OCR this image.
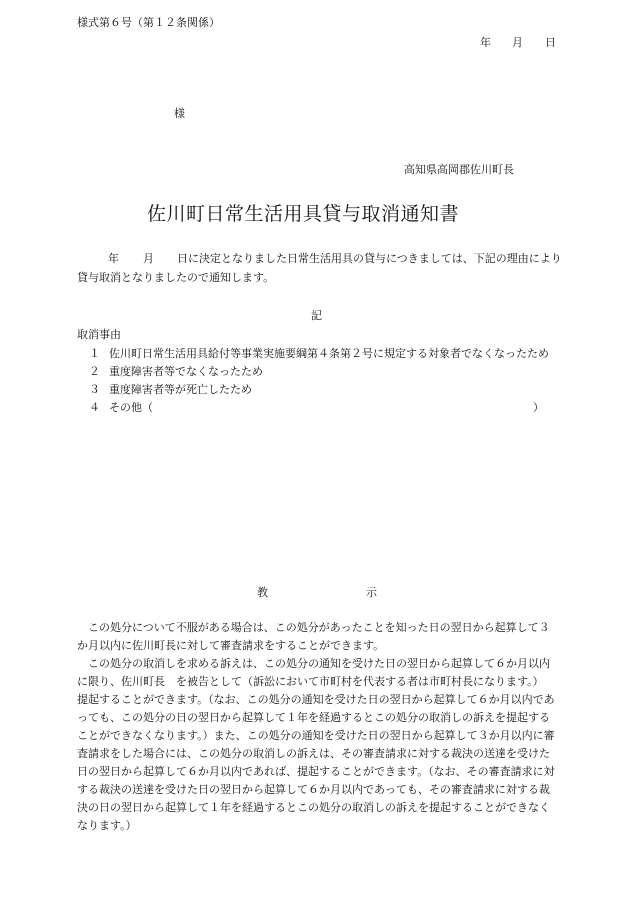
様式第６号（第１２条関係）
年 月 日
様
高知県高岡郡佐川町長
佐川町日常生活用具貸与取消通知書
年 月 日に決定となりました日常生活用具の貸与につきましては、下記の理由により
貸与取消となりましたので通知します。
記
取消事由
１ 佐川町日常生活用具給付等事業実施要綱第４条第２号に規定する対象者でなくなったため
２ 重度障害者等でなくなったため
３ 重度障害者等が死亡したため
４ その他（	）
教	示

この処分について不服がある場合は、この処分があったことを知った日の翌日から起算して３か月以内に佐川町長に対して審査請求をすることができます。

この処分の取消しを求める訴えは、この処分の通知を受けた日の翌日から起算して６か月以内に限り、佐川町長　を被告として（訴訟において市町村を代表する者は市町村長になります。）

提起することができます。（なお、この処分の通知を受けた日の翌日から起算して６か月以内であっても、この処分の日の翌日から起算して１年を経過するとこの処分の取消しの訴えを提起することができなくなります。）また、この処分の通知を受けた日の翌日から起算して３か月以内に審査請求をした場合には、この処分の取消しの訴えは、その審査請求に対する裁決の送達を受けた日の翌日から起算して６か月以内であれば、提起することができます。（なお、その審査請求に対する裁決の送達を受けた日の翌日から起算して６か月以内であっても、その審査請求に対する裁決の日の翌日から起算して１年を経過するとこの処分の取消しの訴えを提起することができなくなります。）
